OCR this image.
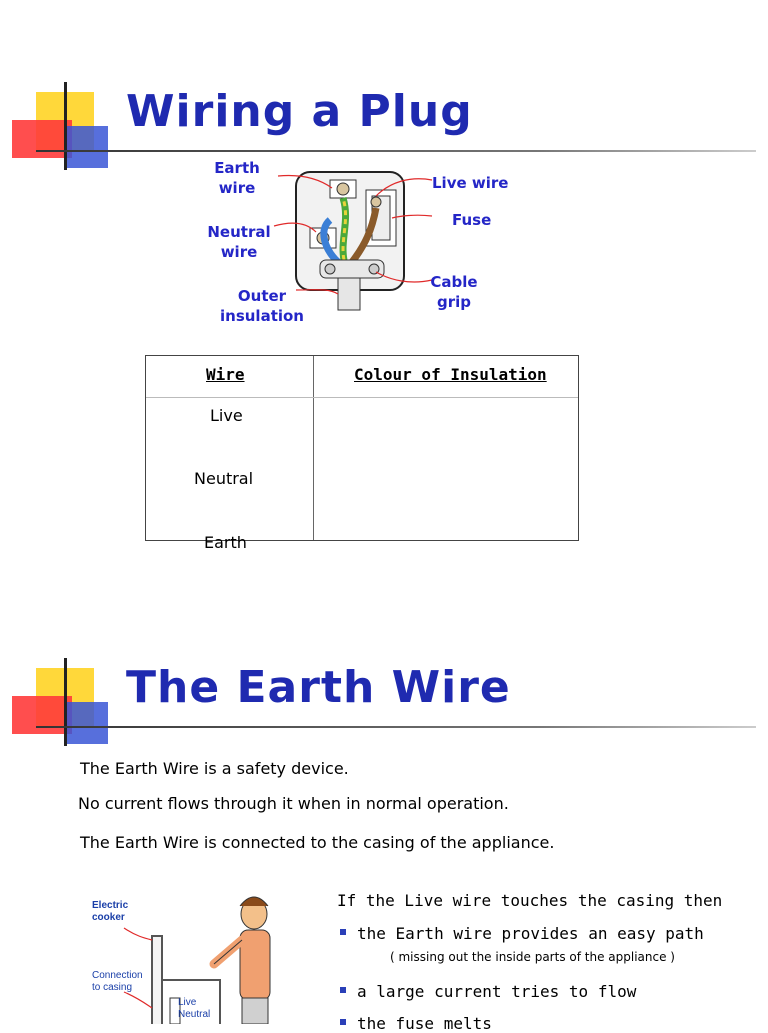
Wiring a Plug
Earth
wire
Neutral
wire
Outer
insulation
Live wire
Fuse
Cable
grip
Wire	Colour of Insulation
Live
Neutral
Earth
The Earth Wire
The Earth Wire is a safety device.
No current flows through it when in normal operation.
The Earth Wire is connected to the casing of the appliance.
Electric
cooker
Connection
to casing
Live
Neutral
If the Live wire touches the casing then
the Earth wire provides an easy path
( missing out the inside parts of the appliance )
a large current tries to flow
the fuse melts
